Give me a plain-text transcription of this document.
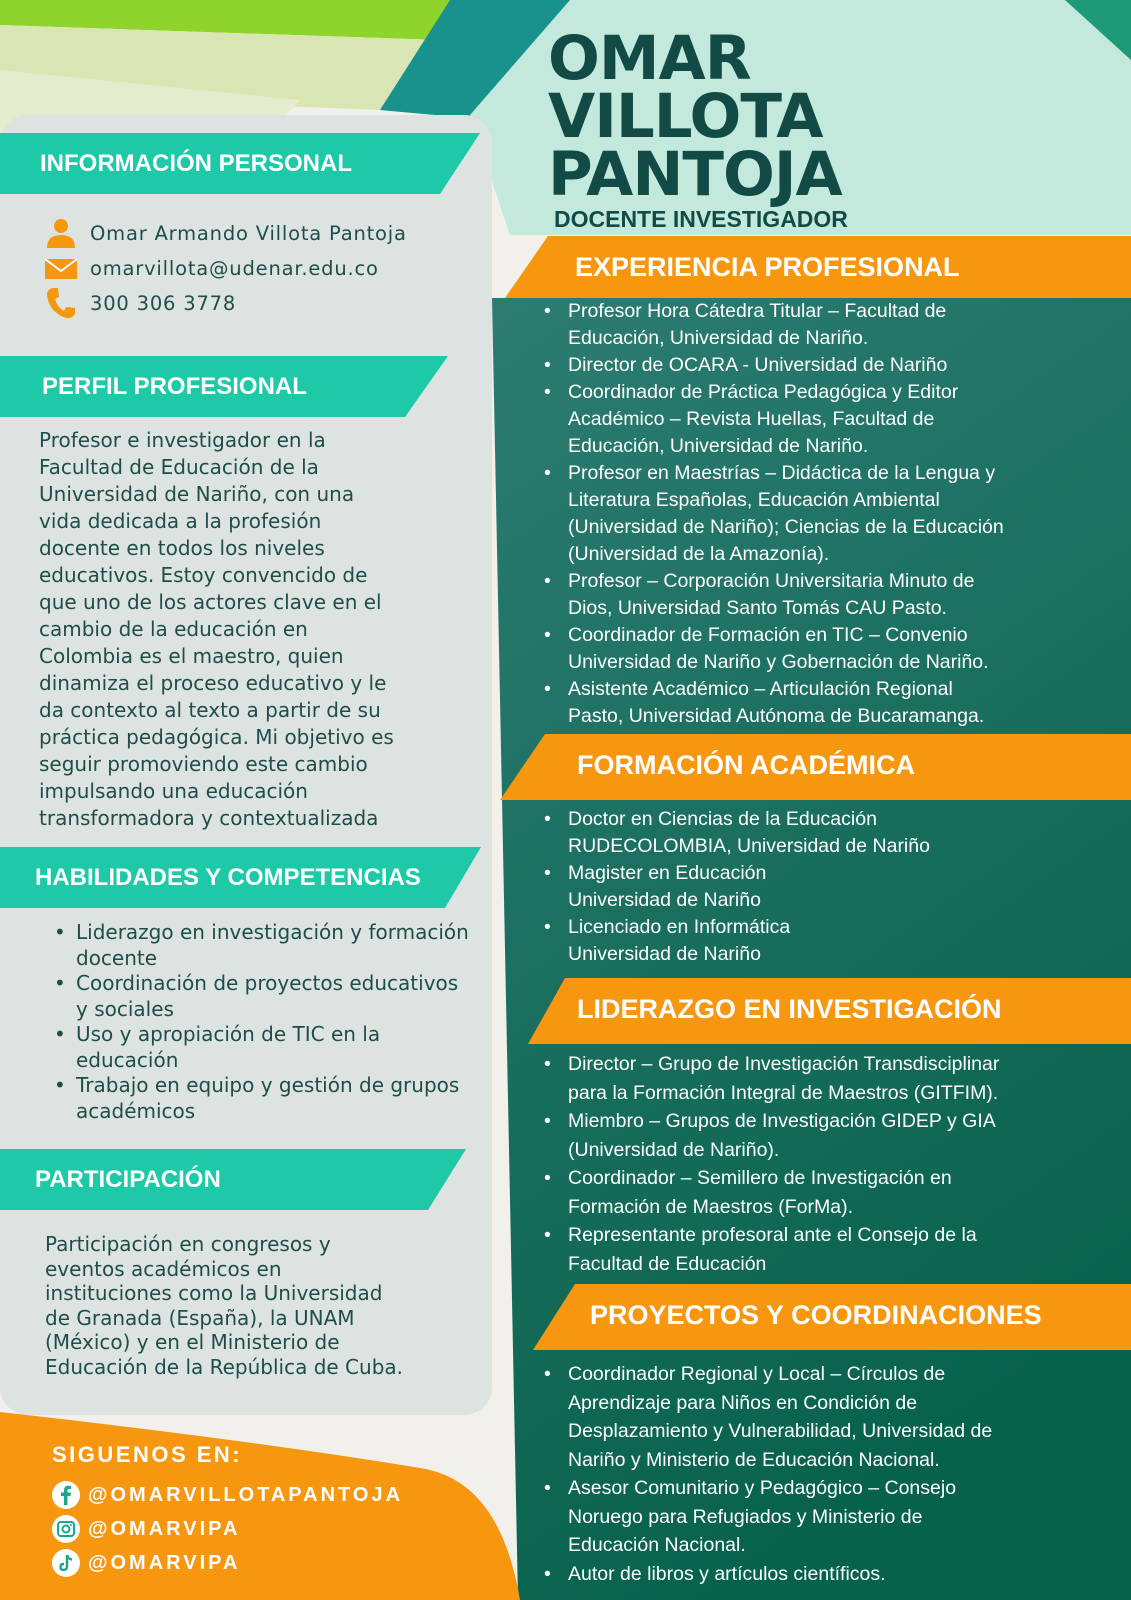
OMAR
VILLOTA
PANTOJA
DOCENTE INVESTIGADOR
INFORMACIÓN PERSONAL
Omar Armando Villota Pantoja
omarvillota@udenar.edu.co
300 306 3778
PERFIL PROFESIONAL
Profesor e investigador en la
Facultad de Educación de la
Universidad de Nariño, con una
vida dedicada a la profesión
docente en todos los niveles
educativos. Estoy convencido de
que uno de los actores clave en el
cambio de la educación en
Colombia es el maestro, quien
dinamiza el proceso educativo y le
da contexto al texto a partir de su
práctica pedagógica. Mi objetivo es
seguir promoviendo este cambio
impulsando una educación
transformadora y contextualizada
HABILIDADES Y COMPETENCIAS
• Liderazgo en investigación y formación docente
• Coordinación de proyectos educativos y sociales
• Uso y apropiación de TIC en la educación
• Trabajo en equipo y gestión de grupos académicos
PARTICIPACIÓN
Participación en congresos y
eventos académicos en
instituciones como la Universidad
de Granada (España), la UNAM
(México) y en el Ministerio de
Educación de la República de Cuba.
SIGUENOS EN:
@OMARVILLOTAPANTOJA
@OMARVIPA
@OMARVIPA
EXPERIENCIA PROFESIONAL
• Profesor Hora Cátedra Titular – Facultad de
Educación, Universidad de Nariño.
• Director de OCARA - Universidad de Nariño
• Coordinador de Práctica Pedagógica y Editor
Académico – Revista Huellas, Facultad de
Educación, Universidad de Nariño.
• Profesor en Maestrías – Didáctica de la Lengua y
Literatura Españolas, Educación Ambiental
(Universidad de Nariño); Ciencias de la Educación
(Universidad de la Amazonía).
• Profesor – Corporación Universitaria Minuto de
Dios, Universidad Santo Tomás CAU Pasto.
• Coordinador de Formación en TIC – Convenio
Universidad de Nariño y Gobernación de Nariño.
• Asistente Académico – Articulación Regional
Pasto, Universidad Autónoma de Bucaramanga.
FORMACIÓN ACADÉMICA
• Doctor en Ciencias de la Educación
RUDECOLOMBIA, Universidad de Nariño
• Magister en Educación
Universidad de Nariño
• Licenciado en Informática
Universidad de Nariño
LIDERAZGO EN INVESTIGACIÓN
• Director – Grupo de Investigación Transdisciplinar
para la Formación Integral de Maestros (GITFIM).
• Miembro – Grupos de Investigación GIDEP y GIA
(Universidad de Nariño).
• Coordinador – Semillero de Investigación en
Formación de Maestros (ForMa).
• Representante profesoral ante el Consejo de la
Facultad de Educación
PROYECTOS Y COORDINACIONES
• Coordinador Regional y Local – Círculos de
Aprendizaje para Niños en Condición de
Desplazamiento y Vulnerabilidad, Universidad de
Nariño y Ministerio de Educación Nacional.
• Asesor Comunitario y Pedagógico – Consejo
Noruego para Refugiados y Ministerio de
Educación Nacional.
• Autor de libros y artículos científicos.
